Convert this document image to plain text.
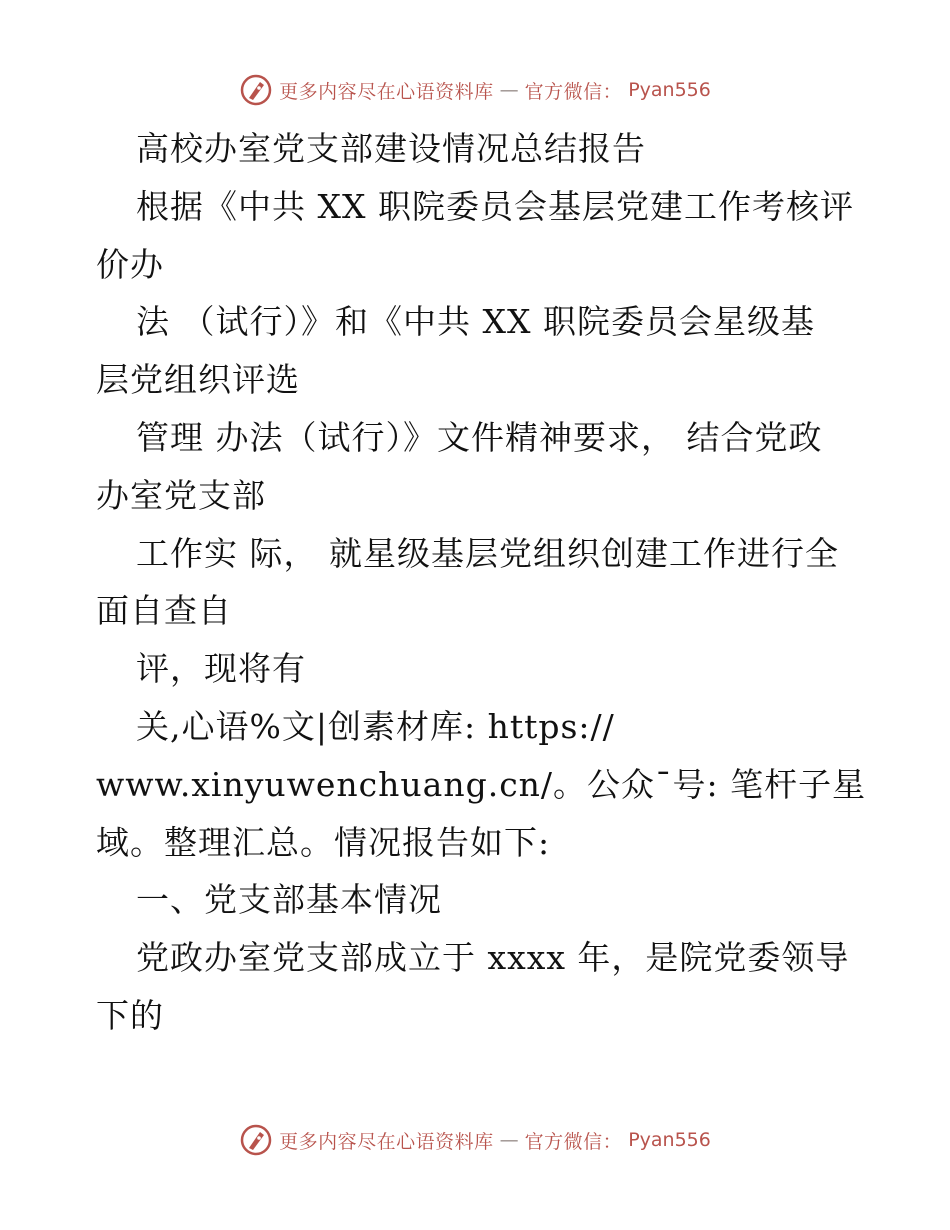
更多内容尽在心语资料库 — 官方微信： Pyan556
高校办室党支部建设情况总结报告
根据《中共 XX 职院委员会基层党建工作考核评
价办
法 （试行）》和《中共 XX 职院委员会星级基
层党组织评选
管理 办法（试行）》文件精神要求， 结合党政
办室党支部
工作实 际， 就星级基层党组织创建工作进行全
面自查自
评，现将有
关,心语%文|创素材库: https://
www.xinyuwenchuang.cn/。公众¯号: 笔杆子星
域。整理汇总。情况报告如下:
一、党支部基本情况
党政办室党支部成立于 xxxx 年，是院党委领导
下的
更多内容尽在心语资料库 — 官方微信： Pyan556
